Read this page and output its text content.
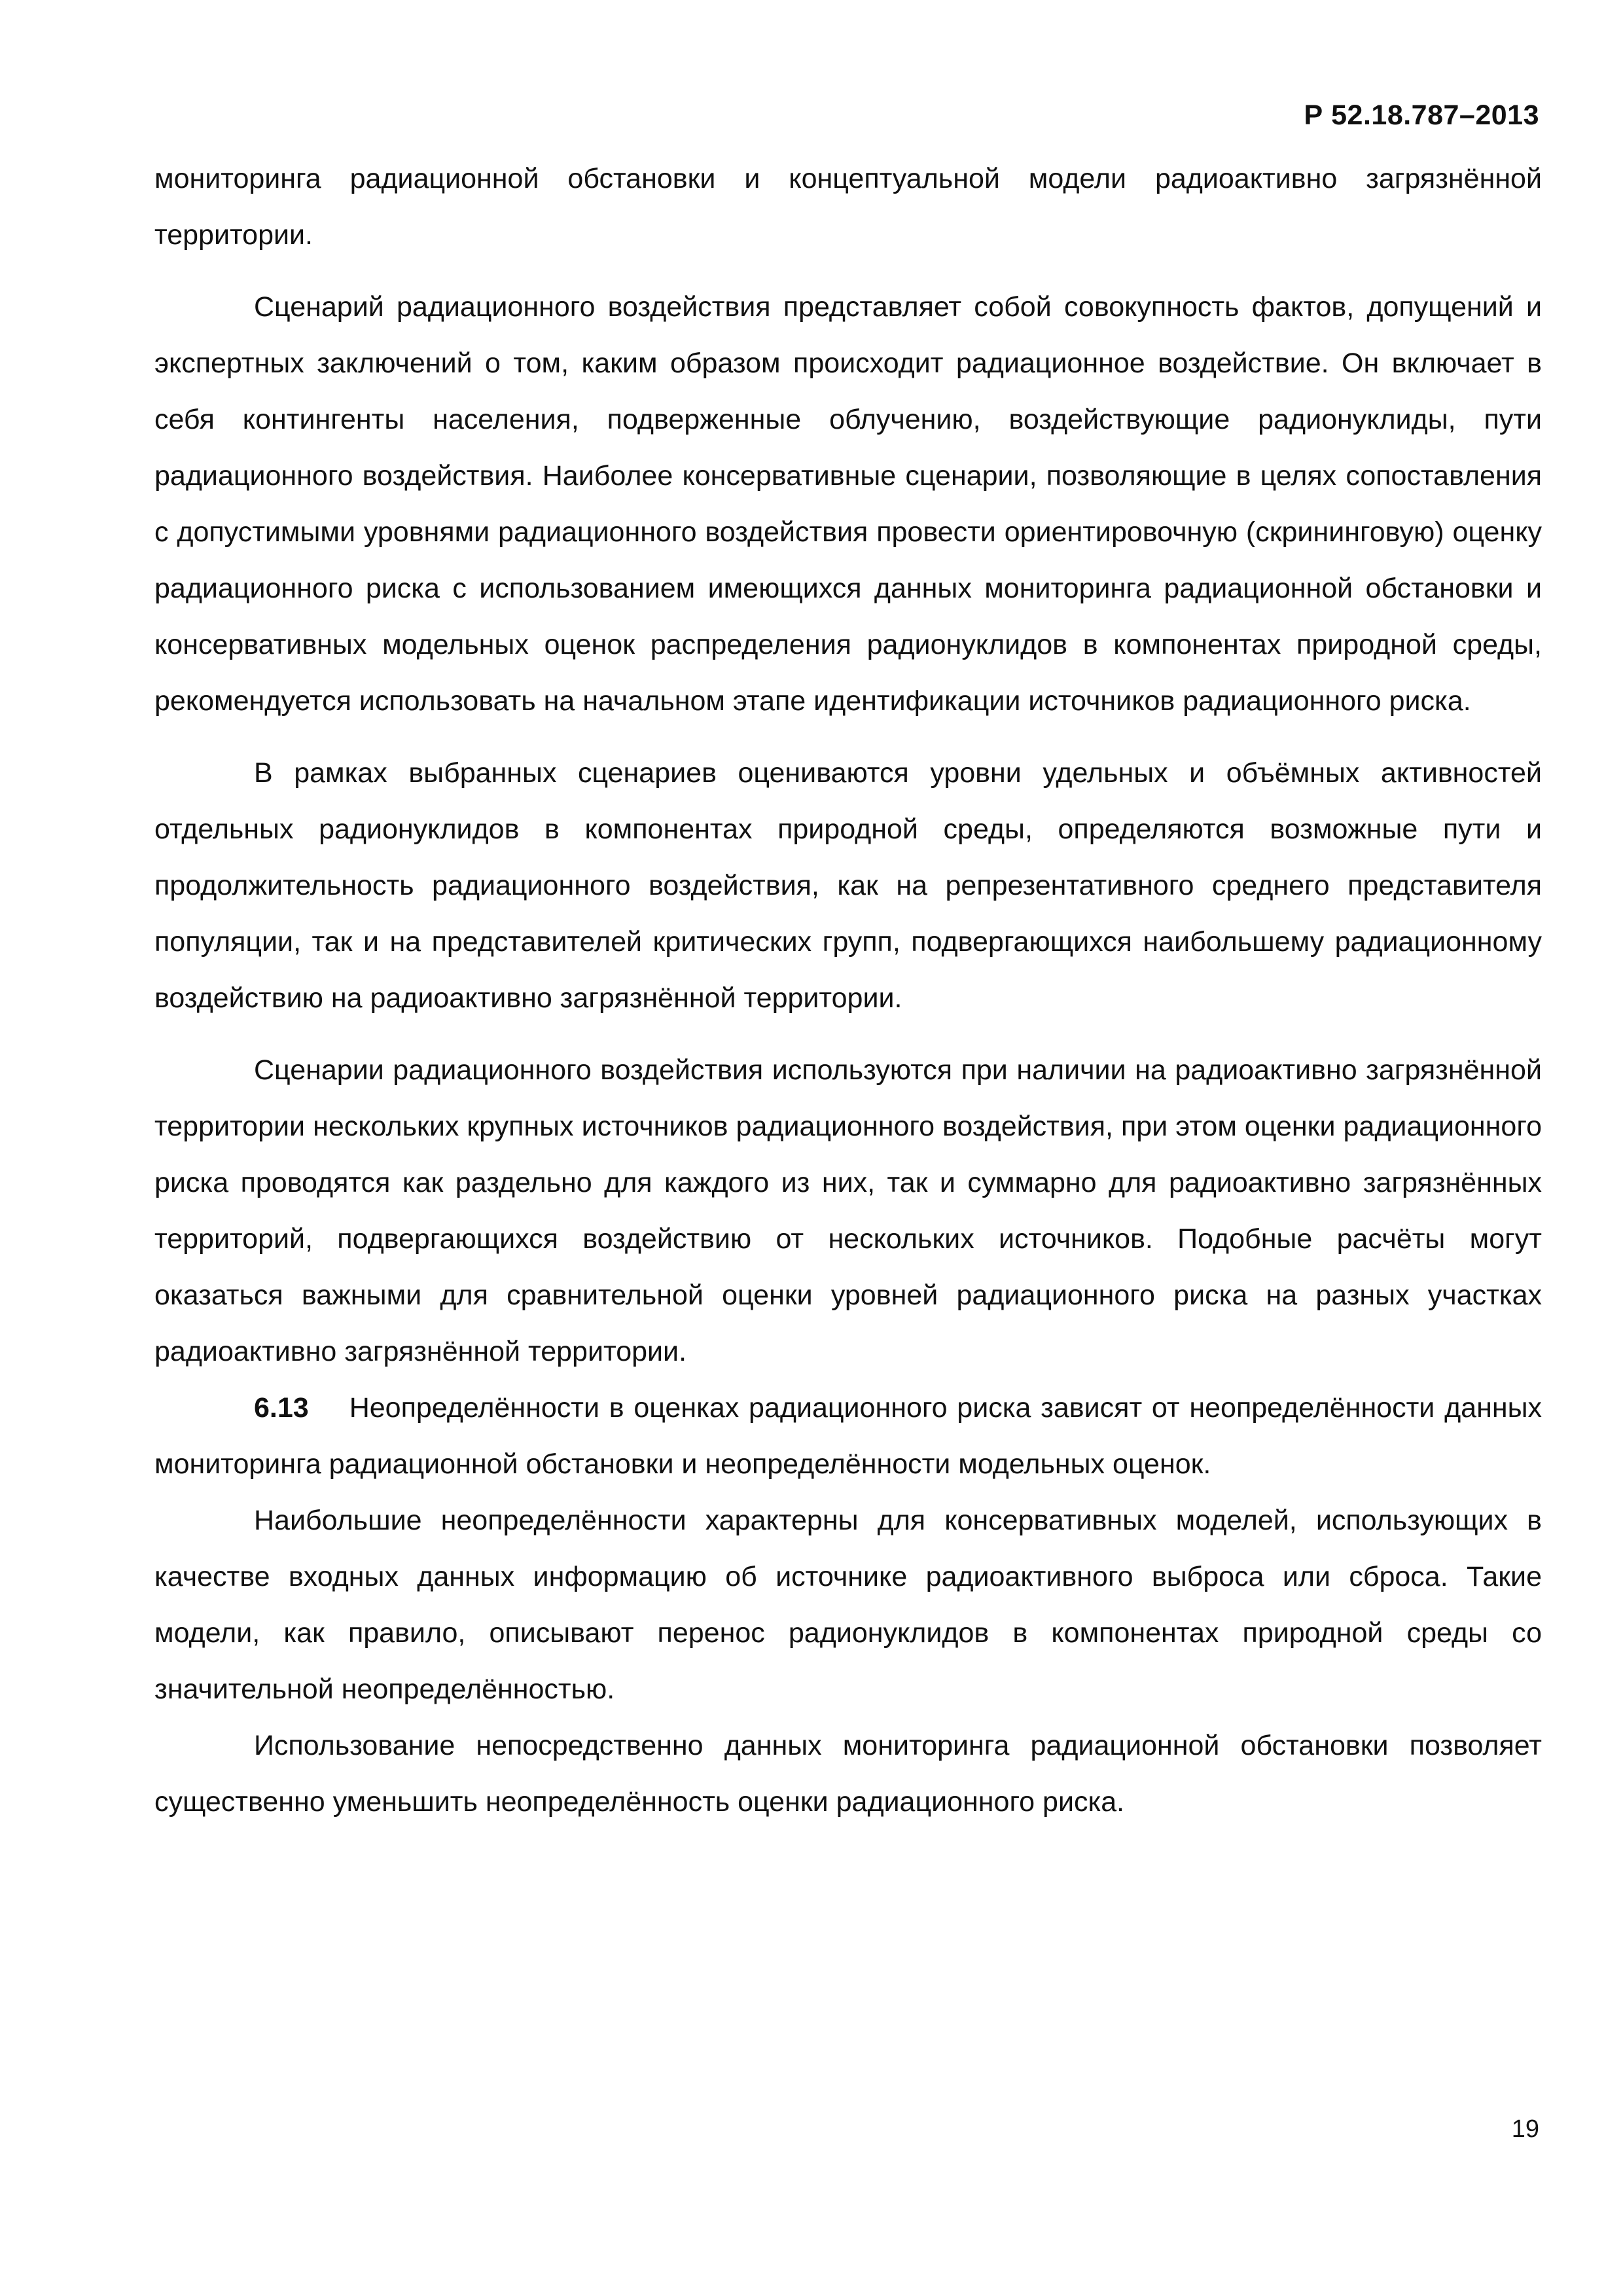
Р 52.18.787–2013

мониторинга радиационной обстановки и концептуальной модели радиоактивно загрязнённой территории.

Сценарий радиационного воздействия представляет собой совокупность фактов, допущений и экспертных заключений о том, каким образом происходит радиационное воздействие. Он включает в себя контингенты населения, подверженные облучению, воздействующие радионуклиды, пути радиационного воздействия. Наиболее консервативные сценарии, позволяющие в целях сопоставления с допустимыми уровнями радиационного воздействия провести ориентировочную (скрининговую) оценку радиационного риска с использованием имеющихся данных мониторинга радиационной обстановки и консервативных модельных оценок распределения радионуклидов в компонентах природной среды, рекомендуется использовать на начальном этапе идентификации источников радиационного риска.

В рамках выбранных сценариев оцениваются уровни удельных и объёмных активностей отдельных радионуклидов в компонентах природной среды, определяются возможные пути и продолжительность радиационного воздействия, как на репрезентативного среднего представителя популяции, так и на представителей критических групп, подвергающихся наибольшему радиационному воздействию на радиоактивно загрязнённой территории.

Сценарии радиационного воздействия используются при наличии на радиоактивно загрязнённой территории нескольких крупных источников радиационного воздействия, при этом оценки радиационного риска проводятся как раздельно для каждого из них, так и суммарно для радиоактивно загрязнённых территорий, подвергающихся воздействию от нескольких источников. Подобные расчёты могут оказаться важными для сравнительной оценки уровней радиационного риска на разных участках радиоактивно загрязнённой территории.

6.13 Неопределённости в оценках радиационного риска зависят от неопределённости данных мониторинга радиационной обстановки и неопределённости модельных оценок.

Наибольшие неопределённости характерны для консервативных моделей, использующих в качестве входных данных информацию об источнике радиоактивного выброса или сброса. Такие модели, как правило, описывают перенос радионуклидов в компонентах природной среды со значительной неопределённостью.

Использование непосредственно данных мониторинга радиационной обстановки позволяет существенно уменьшить неопределённость оценки радиационного риска.

19
